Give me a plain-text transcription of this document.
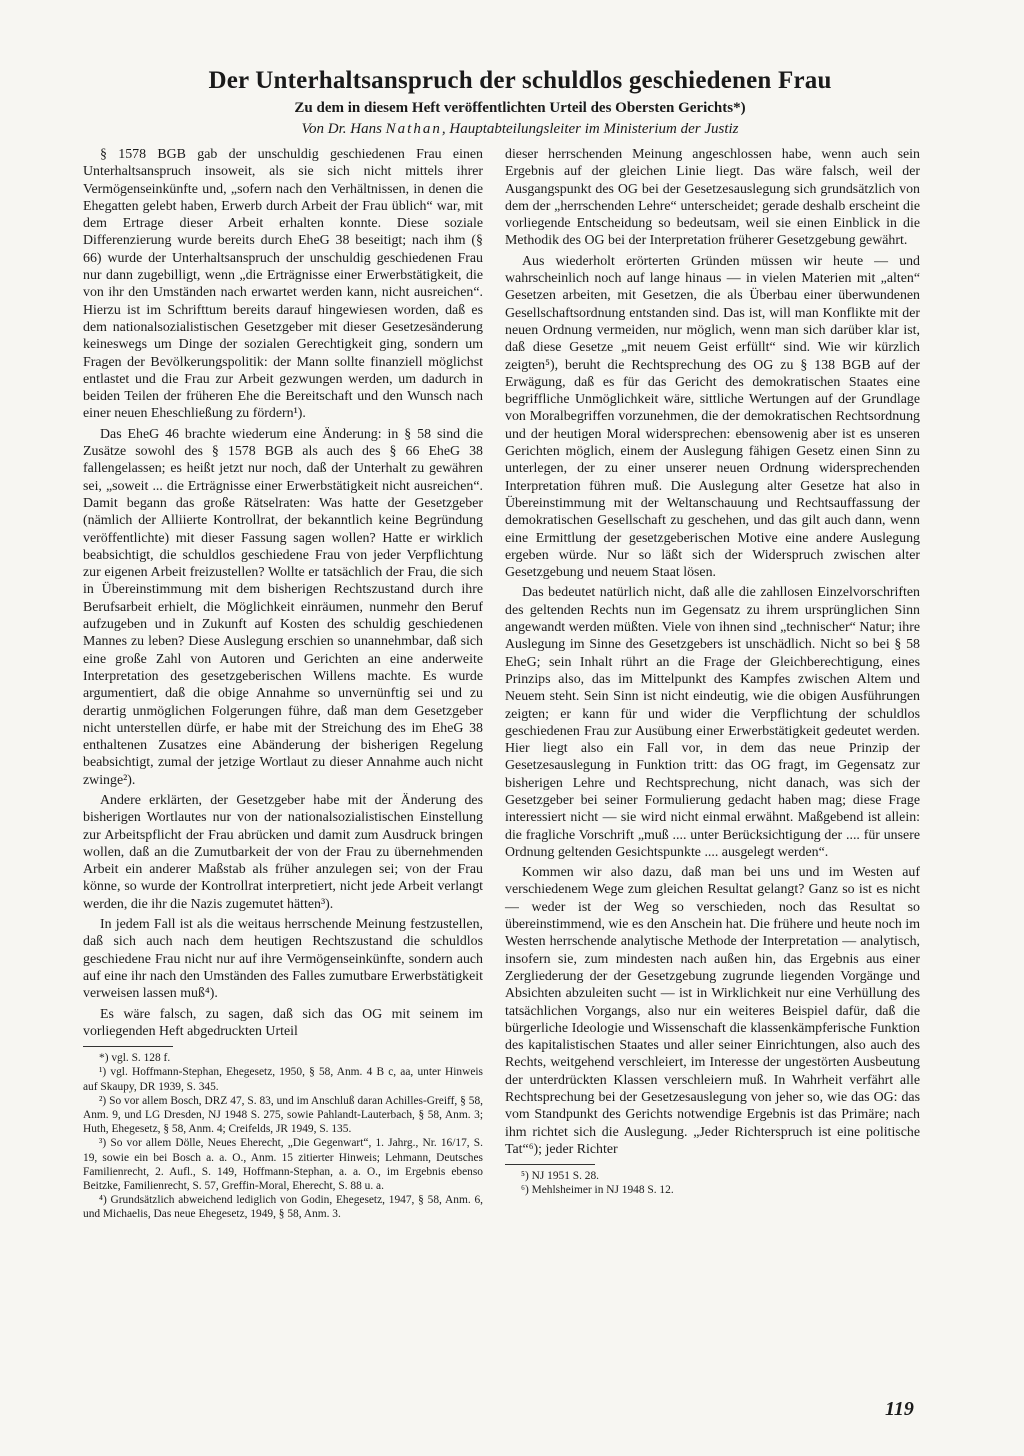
Der Unterhaltsanspruch der schuldlos geschiedenen Frau

Zu dem in diesem Heft veröffentlichten Urteil des Obersten Gerichts*)

Von Dr. Hans Nathan, Hauptabteilungsleiter im Ministerium der Justiz

§ 1578 BGB gab der unschuldig geschiedenen Frau einen Unterhaltsanspruch insoweit, als sie sich nicht mittels ihrer Vermögenseinkünfte und, „sofern nach den Verhältnissen, in denen die Ehegatten gelebt haben, Erwerb durch Arbeit der Frau üblich“ war, mit dem Ertrage dieser Arbeit erhalten konnte. Diese soziale Differenzierung wurde bereits durch EheG 38 beseitigt; nach ihm (§ 66) wurde der Unterhaltsanspruch der unschuldig geschiedenen Frau nur dann zugebilligt, wenn „die Erträgnisse einer Erwerbstätigkeit, die von ihr den Umständen nach erwartet werden kann, nicht ausreichen“. Hierzu ist im Schrifttum bereits darauf hingewiesen worden, daß es dem nationalsozialistischen Gesetzgeber mit dieser Gesetzesänderung keineswegs um Dinge der sozialen Gerechtigkeit ging, sondern um Fragen der Bevölkerungspolitik: der Mann sollte finanziell möglichst entlastet und die Frau zur Arbeit gezwungen werden, um dadurch in beiden Teilen der früheren Ehe die Bereitschaft und den Wunsch nach einer neuen Eheschließung zu fördern¹).

Das EheG 46 brachte wiederum eine Änderung: in § 58 sind die Zusätze sowohl des § 1578 BGB als auch des § 66 EheG 38 fallengelassen; es heißt jetzt nur noch, daß der Unterhalt zu gewähren sei, „soweit ... die Erträgnisse einer Erwerbstätigkeit nicht ausreichen“. Damit begann das große Rätselraten: Was hatte der Gesetzgeber (nämlich der Alliierte Kontrollrat, der bekanntlich keine Begründung veröffentlichte) mit dieser Fassung sagen wollen? Hatte er wirklich beabsichtigt, die schuldlos geschiedene Frau von jeder Verpflichtung zur eigenen Arbeit freizustellen? Wollte er tatsächlich der Frau, die sich in Übereinstimmung mit dem bisherigen Rechtszustand durch ihre Berufsarbeit erhielt, die Möglichkeit einräumen, nunmehr den Beruf aufzugeben und in Zukunft auf Kosten des schuldig geschiedenen Mannes zu leben? Diese Auslegung erschien so unannehmbar, daß sich eine große Zahl von Autoren und Gerichten an eine anderweite Interpretation des gesetzgeberischen Willens machte. Es wurde argumentiert, daß die obige Annahme so unvernünftig sei und zu derartig unmöglichen Folgerungen führe, daß man dem Gesetzgeber nicht unterstellen dürfe, er habe mit der Streichung des im EheG 38 enthaltenen Zusatzes eine Abänderung der bisherigen Regelung beabsichtigt, zumal der jetzige Wortlaut zu dieser Annahme auch nicht zwinge²).

Andere erklärten, der Gesetzgeber habe mit der Änderung des bisherigen Wortlautes nur von der nationalsozialistischen Einstellung zur Arbeitspflicht der Frau abrücken und damit zum Ausdruck bringen wollen, daß an die Zumutbarkeit der von der Frau zu übernehmenden Arbeit ein anderer Maßstab als früher anzulegen sei; von der Frau könne, so wurde der Kontrollrat interpretiert, nicht jede Arbeit verlangt werden, die ihr die Nazis zugemutet hätten³).

In jedem Fall ist als die weitaus herrschende Meinung festzustellen, daß sich auch nach dem heutigen Rechtszustand die schuldlos geschiedene Frau nicht nur auf ihre Vermögenseinkünfte, sondern auch auf eine ihr nach den Umständen des Falles zumutbare Erwerbstätigkeit verweisen lassen muß⁴).

Es wäre falsch, zu sagen, daß sich das OG mit seinem im vorliegenden Heft abgedruckten Urteil

*) vgl. S. 128 f.

¹) vgl. Hoffmann-Stephan, Ehegesetz, 1950, § 58, Anm. 4 B c, aa, unter Hinweis auf Skaupy, DR 1939, S. 345.

²) So vor allem Bosch, DRZ 47, S. 83, und im Anschluß daran Achilles-Greiff, § 58, Anm. 9, und LG Dresden, NJ 1948 S. 275, sowie Pahlandt-Lauterbach, § 58, Anm. 3; Huth, Ehegesetz, § 58, Anm. 4; Creifelds, JR 1949, S. 135.

³) So vor allem Dölle, Neues Eherecht, „Die Gegenwart“, 1. Jahrg., Nr. 16/17, S. 19, sowie ein bei Bosch a. a. O., Anm. 15 zitierter Hinweis; Lehmann, Deutsches Familienrecht, 2. Aufl., S. 149, Hoffmann-Stephan, a. a. O., im Ergebnis ebenso Beitzke, Familienrecht, S. 57, Greffin-Moral, Eherecht, S. 88 u. a.

⁴) Grundsätzlich abweichend lediglich von Godin, Ehegesetz, 1947, § 58, Anm. 6, und Michaelis, Das neue Ehegesetz, 1949, § 58, Anm. 3.

dieser herrschenden Meinung angeschlossen habe, wenn auch sein Ergebnis auf der gleichen Linie liegt. Das wäre falsch, weil der Ausgangspunkt des OG bei der Gesetzesauslegung sich grundsätzlich von dem der „herrschenden Lehre“ unterscheidet; gerade deshalb erscheint die vorliegende Entscheidung so bedeutsam, weil sie einen Einblick in die Methodik des OG bei der Interpretation früherer Gesetzgebung gewährt.

Aus wiederholt erörterten Gründen müssen wir heute — und wahrscheinlich noch auf lange hinaus — in vielen Materien mit „alten“ Gesetzen arbeiten, mit Gesetzen, die als Überbau einer überwundenen Gesellschaftsordnung entstanden sind. Das ist, will man Konflikte mit der neuen Ordnung vermeiden, nur möglich, wenn man sich darüber klar ist, daß diese Gesetze „mit neuem Geist erfüllt“ sind. Wie wir kürzlich zeigten⁵), beruht die Rechtsprechung des OG zu § 138 BGB auf der Erwägung, daß es für das Gericht des demokratischen Staates eine begriffliche Unmöglichkeit wäre, sittliche Wertungen auf der Grundlage von Moralbegriffen vorzunehmen, die der demokratischen Rechtsordnung und der heutigen Moral widersprechen: ebensowenig aber ist es unseren Gerichten möglich, einem der Auslegung fähigen Gesetz einen Sinn zu unterlegen, der zu einer unserer neuen Ordnung widersprechenden Interpretation führen muß. Die Auslegung alter Gesetze hat also in Übereinstimmung mit der Weltanschauung und Rechtsauffassung der demokratischen Gesellschaft zu geschehen, und das gilt auch dann, wenn eine Ermittlung der gesetzgeberischen Motive eine andere Auslegung ergeben würde. Nur so läßt sich der Widerspruch zwischen alter Gesetzgebung und neuem Staat lösen.

Das bedeutet natürlich nicht, daß alle die zahllosen Einzelvorschriften des geltenden Rechts nun im Gegensatz zu ihrem ursprünglichen Sinn angewandt werden müßten. Viele von ihnen sind „technischer“ Natur; ihre Auslegung im Sinne des Gesetzgebers ist unschädlich. Nicht so bei § 58 EheG; sein Inhalt rührt an die Frage der Gleichberechtigung, eines Prinzips also, das im Mittelpunkt des Kampfes zwischen Altem und Neuem steht. Sein Sinn ist nicht eindeutig, wie die obigen Ausführungen zeigten; er kann für und wider die Verpflichtung der schuldlos geschiedenen Frau zur Ausübung einer Erwerbstätigkeit gedeutet werden. Hier liegt also ein Fall vor, in dem das neue Prinzip der Gesetzesauslegung in Funktion tritt: das OG fragt, im Gegensatz zur bisherigen Lehre und Rechtsprechung, nicht danach, was sich der Gesetzgeber bei seiner Formulierung gedacht haben mag; diese Frage interessiert nicht — sie wird nicht einmal erwähnt. Maßgebend ist allein: die fragliche Vorschrift „muß .... unter Berücksichtigung der .... für unsere Ordnung geltenden Gesichtspunkte .... ausgelegt werden“.

Kommen wir also dazu, daß man bei uns und im Westen auf verschiedenem Wege zum gleichen Resultat gelangt? Ganz so ist es nicht — weder ist der Weg so verschieden, noch das Resultat so übereinstimmend, wie es den Anschein hat. Die frühere und heute noch im Westen herrschende analytische Methode der Interpretation — analytisch, insofern sie, zum mindesten nach außen hin, das Ergebnis aus einer Zergliederung der der Gesetzgebung zugrunde liegenden Vorgänge und Absichten abzuleiten sucht — ist in Wirklichkeit nur eine Verhüllung des tatsächlichen Vorgangs, also nur ein weiteres Beispiel dafür, daß die bürgerliche Ideologie und Wissenschaft die klassenkämpferische Funktion des kapitalistischen Staates und aller seiner Einrichtungen, also auch des Rechts, weitgehend verschleiert, im Interesse der ungestörten Ausbeutung der unterdrückten Klassen verschleiern muß. In Wahrheit verfährt alle Rechtsprechung bei der Gesetzesauslegung von jeher so, wie das OG: das vom Standpunkt des Gerichts notwendige Ergebnis ist das Primäre; nach ihm richtet sich die Auslegung. „Jeder Richterspruch ist eine politische Tat“⁶); jeder Richter

⁵) NJ 1951 S. 28.

⁶) Mehlsheimer in NJ 1948 S. 12.

119
